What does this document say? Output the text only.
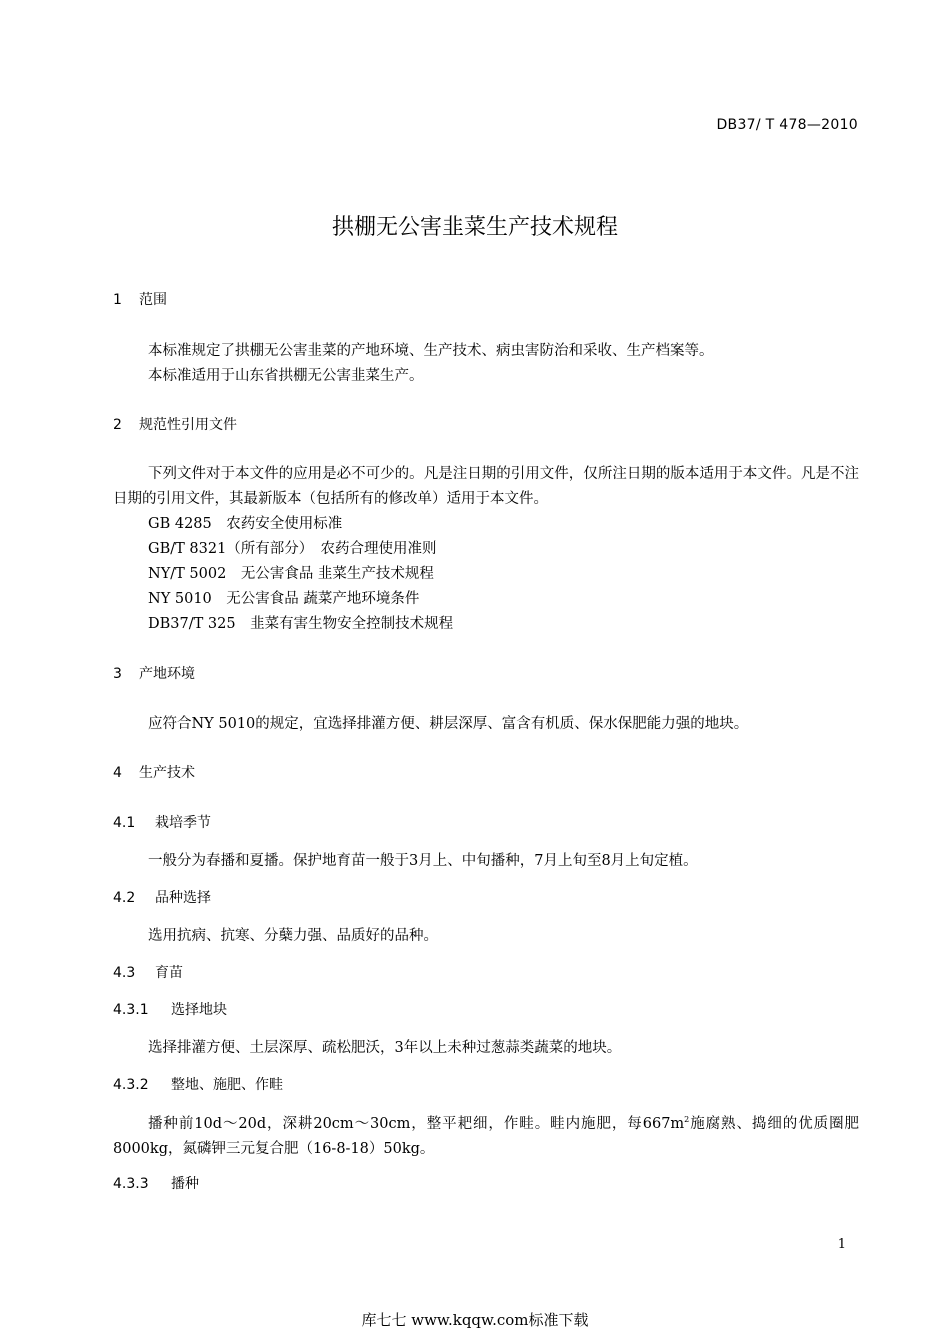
DB37/ T 478—2010
拱棚无公害韭菜生产技术规程
1 范围
本标准规定了拱棚无公害韭菜的产地环境、生产技术、病虫害防治和采收、生产档案等。
本标准适用于山东省拱棚无公害韭菜生产。
2 规范性引用文件
下列文件对于本文件的应用是必不可少的。凡是注日期的引用文件，仅所注日期的版本适用于本文件。凡是不注日期的引用文件，其最新版本（包括所有的修改单）适用于本文件。
GB 4285　农药安全使用标准
GB/T 8321（所有部分）　农药合理使用准则
NY/T 5002　无公害食品 韭菜生产技术规程
NY 5010　无公害食品 蔬菜产地环境条件
DB37/T 325　韭菜有害生物安全控制技术规程
3 产地环境
应符合NY 5010的规定，宜选择排灌方便、耕层深厚、富含有机质、保水保肥能力强的地块。
4 生产技术
4.1 栽培季节
一般分为春播和夏播。保护地育苗一般于3月上、中旬播种，7月上旬至8月上旬定植。
4.2 品种选择
选用抗病、抗寒、分蘖力强、品质好的品种。
4.3 育苗
4.3.1 选择地块
选择排灌方便、土层深厚、疏松肥沃，3年以上未种过葱蒜类蔬菜的地块。
4.3.2 整地、施肥、作畦
播种前10d～20d，深耕20cm～30cm，整平耙细，作畦。畦内施肥，每$667m^2$施腐熟、捣细的优质圈肥8000kg，氮磷钾三元复合肥（16-8-18）50kg。
4.3.3 播种
1
库七七 www.kqqw.com标准下载
